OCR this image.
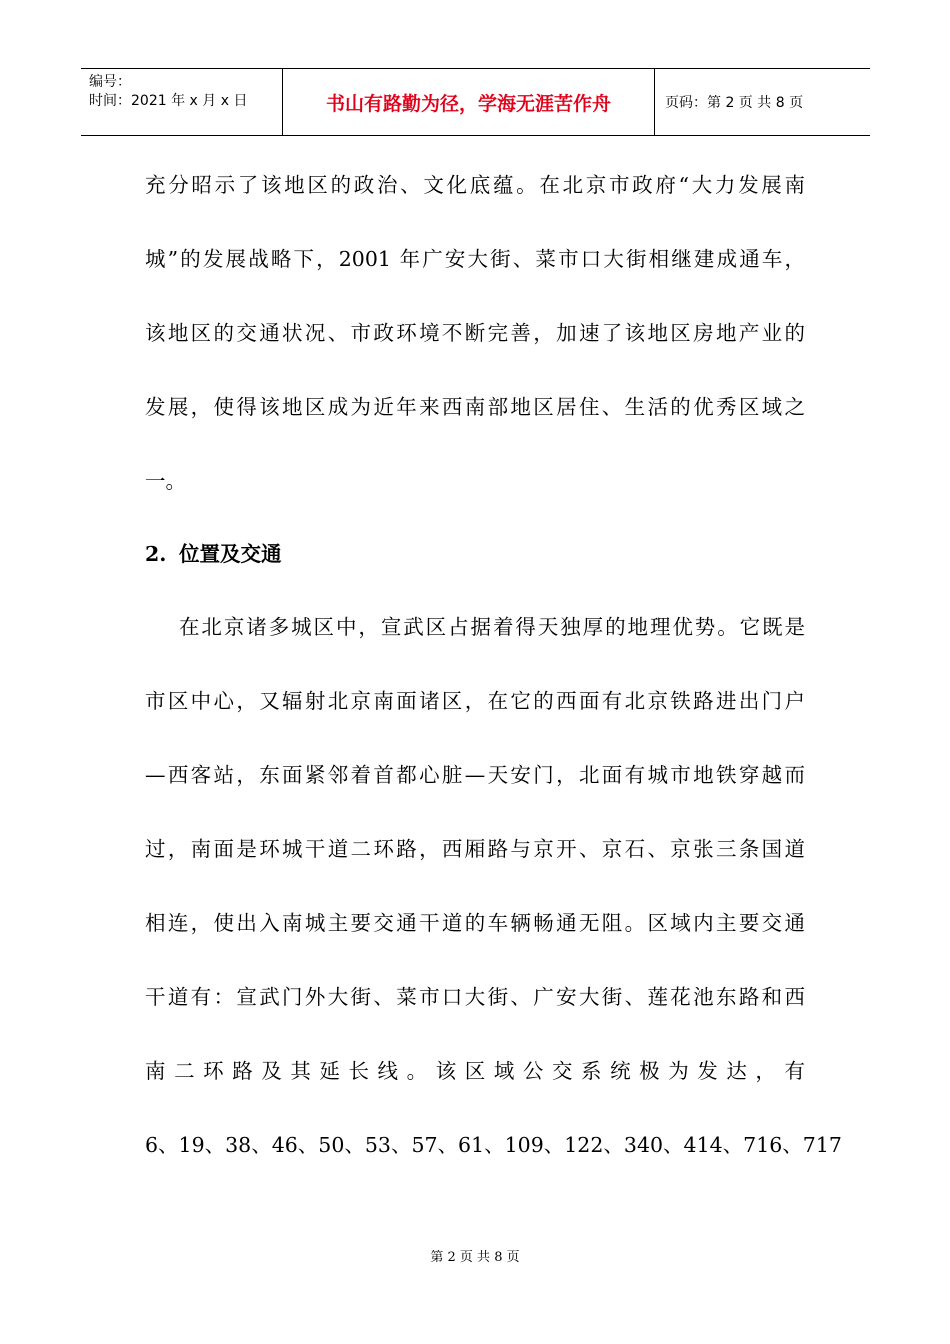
编号：
时间：2021 年 x 月 x 日	书山有路勤为径，学海无涯苦作舟	页码：第 2 页 共 8 页
充分昭示了该地区的政治、文化底蕴。在北京市政府“大力发展南
城”的发展战略下，2001 年广安大街、菜市口大街相继建成通车，
该地区的交通状况、市政环境不断完善，加速了该地区房地产业的
发展，使得该地区成为近年来西南部地区居住、生活的优秀区域之
一。
2. 位置及交通
在北京诸多城区中，宣武区占据着得天独厚的地理优势。它既是
市区中心，又辐射北京南面诸区，在它的西面有北京铁路进出门户
—西客站，东面紧邻着首都心脏—天安门，北面有城市地铁穿越而
过，南面是环城干道二环路，西厢路与京开、京石、京张三条国道
相连，使出入南城主要交通干道的车辆畅通无阻。区域内主要交通
干道有：宣武门外大街、菜市口大街、广安大街、莲花池东路和西
南 二 环 路 及 其 延 长 线 。 该 区 域 公 交 系 统 极 为 发 达 ， 有
6、19、38、46、50、53、57、61、109、122、340、414、716、717
第 2 页 共 8 页
